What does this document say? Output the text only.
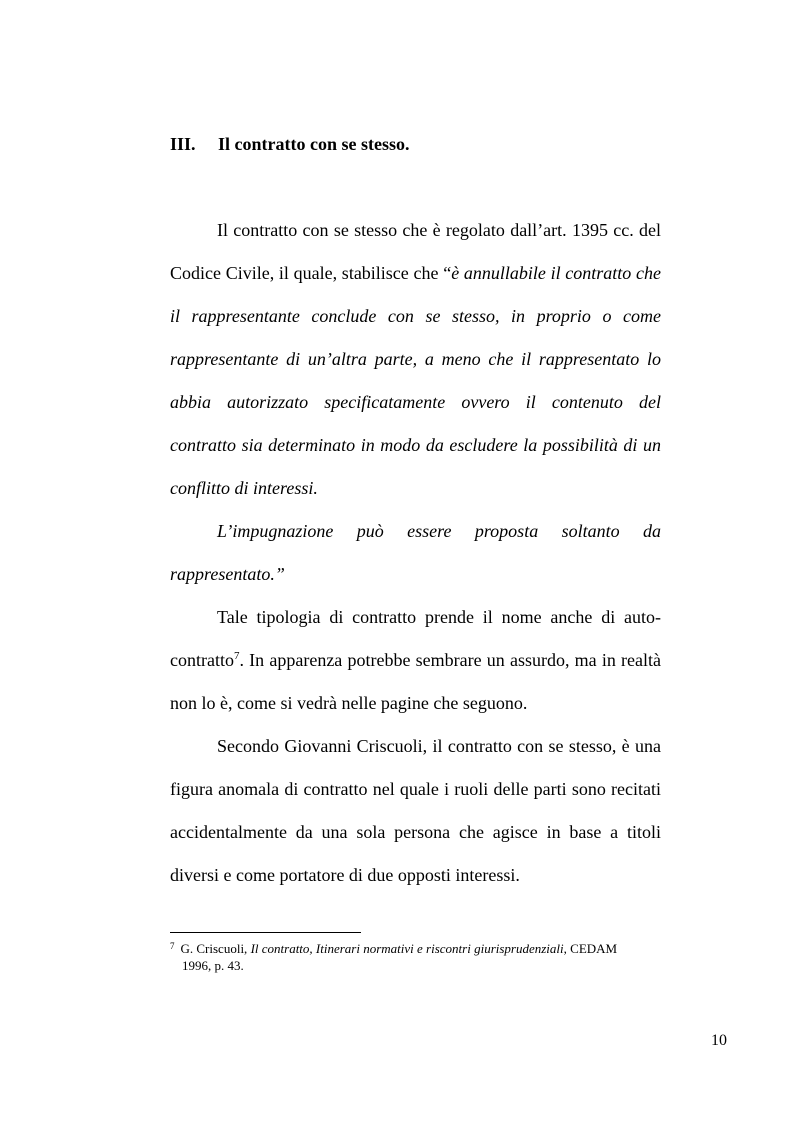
III. Il contratto con se stesso.

Il contratto con se stesso che è regolato dall’art. 1395 cc. del Codice Civile, il quale, stabilisce che “è annullabile il contratto che il rappresentante conclude con se stesso, in proprio o come rappresentante di un’altra parte, a meno che il rappresentato lo abbia autorizzato specificatamente ovvero il contenuto del contratto sia determinato in modo da escludere la possibilità di un conflitto di interessi.

L’impugnazione può essere proposta soltanto da rappresentato.”

Tale tipologia di contratto prende il nome anche di auto-contratto$^7$. In apparenza potrebbe sembrare un assurdo, ma in realtà non lo è, come si vedrà nelle pagine che seguono.

Secondo Giovanni Criscuoli, il contratto con se stesso, è una figura anomala di contratto nel quale i ruoli delle parti sono recitati accidentalmente da una sola persona che agisce in base a titoli diversi e come portatore di due opposti interessi.

$^7$ G. Criscuoli, Il contratto, Itinerari normativi e riscontri giurisprudenziali, CEDAM
1996, p. 43.
10
